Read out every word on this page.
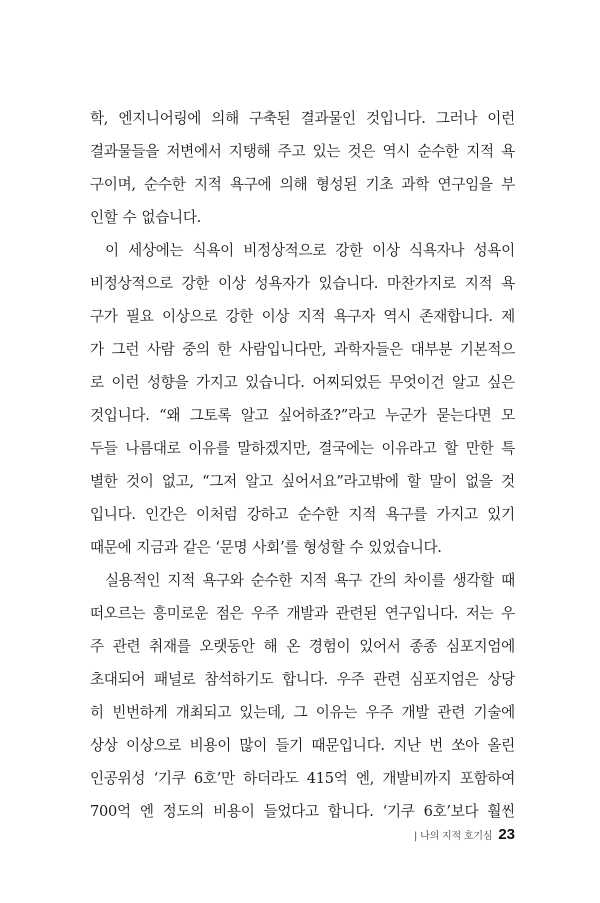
학, 엔지니어링에 의해 구축된 결과물인 것입니다. 그러나 이런
결과물들을 저변에서 지탱해 주고 있는 것은 역시 순수한 지적 욕
구이며, 순수한 지적 욕구에 의해 형성된 기초 과학 연구임을 부
인할 수 없습니다.
이 세상에는 식욕이 비정상적으로 강한 이상 식욕자나 성욕이
비정상적으로 강한 이상 성욕자가 있습니다. 마찬가지로 지적 욕
구가 필요 이상으로 강한 이상 지적 욕구자 역시 존재합니다. 제
가 그런 사람 중의 한 사람입니다만, 과학자들은 대부분 기본적으
로 이런 성향을 가지고 있습니다. 어찌되었든 무엇이건 알고 싶은
것입니다. “왜 그토록 알고 싶어하죠?”라고 누군가 묻는다면 모
두들 나름대로 이유를 말하겠지만, 결국에는 이유라고 할 만한 특
별한 것이 없고, “그저 알고 싶어서요”라고밖에 할 말이 없을 것
입니다. 인간은 이처럼 강하고 순수한 지적 욕구를 가지고 있기
때문에 지금과 같은 ‘문명 사회’를 형성할 수 있었습니다.
실용적인 지적 욕구와 순수한 지적 욕구 간의 차이를 생각할 때
떠오르는 흥미로운 점은 우주 개발과 관련된 연구입니다. 저는 우
주 관련 취재를 오랫동안 해 온 경험이 있어서 종종 심포지엄에
초대되어 패널로 참석하기도 합니다. 우주 관련 심포지엄은 상당
히 빈번하게 개최되고 있는데, 그 이유는 우주 개발 관련 기술에
상상 이상으로 비용이 많이 들기 때문입니다. 지난 번 쏘아 올린
인공위성 ‘기쿠 6호’만 하더라도 415억 엔, 개발비까지 포함하여
700억 엔 정도의 비용이 들었다고 합니다. ‘기쿠 6호’보다 훨씬
| 나의 지적 호기심 23
